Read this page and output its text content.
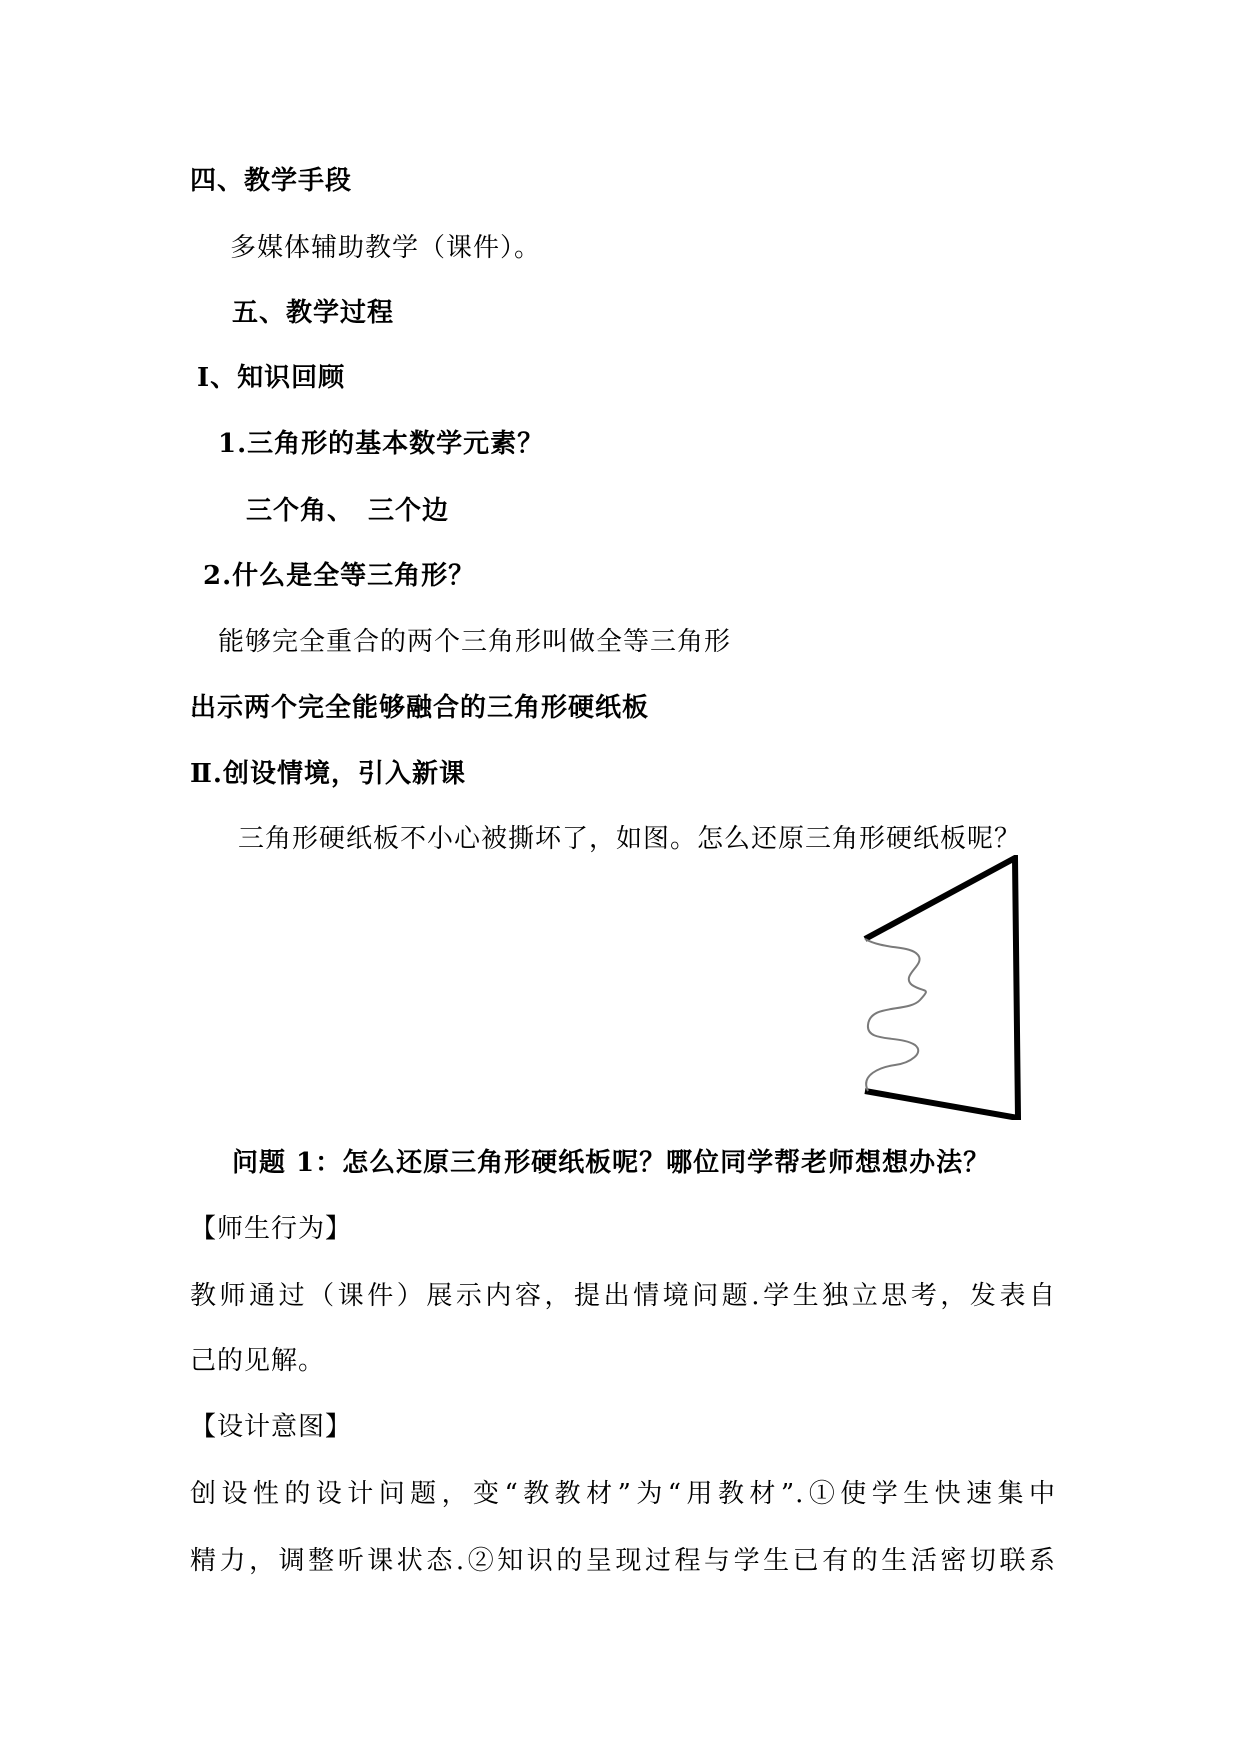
四、教学手段
多媒体辅助教学（课件）。
五、教学过程
Ⅰ、知识回顾
1.三角形的基本数学元素？
三个角、　三个边
2.什么是全等三角形？
能够完全重合的两个三角形叫做全等三角形
出示两个完全能够融合的三角形硬纸板
Ⅱ.创设情境，引入新课
三角形硬纸板不小心被撕坏了，如图。怎么还原三角形硬纸板呢？
问题 1：怎么还原三角形硬纸板呢？哪位同学帮老师想想办法？
【师生行为】
教师通过（课件）展示内容，提出情境问题.学生独立思考，发表自
己的见解。
【设计意图】
创设性的设计问题，变“教教材”为“用教材”.①使学生快速集中
精力，调整听课状态.②知识的呈现过程与学生已有的生活密切联系
